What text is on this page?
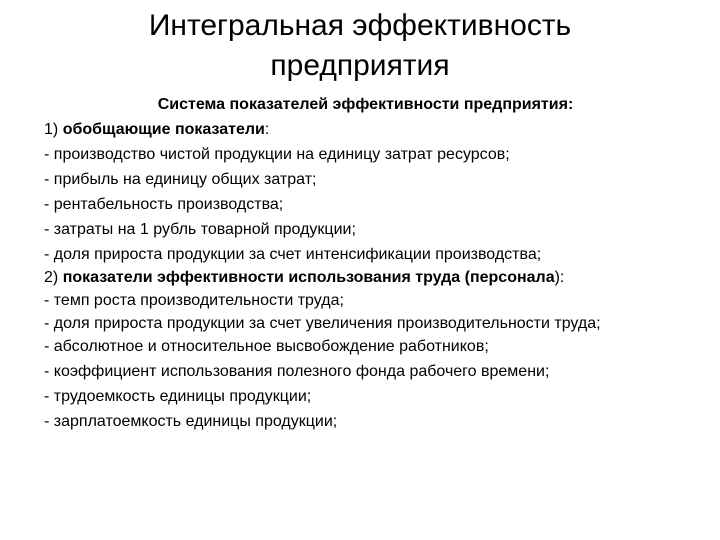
Интегральная эффективность
предприятия

Система показателей эффективности предприятия:

1) обобщающие показатели:

- производство чистой продукции на единицу затрат ресурсов;

- прибыль на единицу общих затрат;

- рентабельность производства;

- затраты на 1 рубль товарной продукции;

- доля прироста продукции за счет интенсификации производства;

2) показатели эффективности использования труда (персонала):

- темп роста производительности труда;

- доля прироста продукции за счет увеличения производительности труда;

- абсолютное и относительное высвобождение работников;

- коэффициент использования полезного фонда рабочего времени;

- трудоемкость единицы продукции;

- зарплатоемкость единицы продукции;
